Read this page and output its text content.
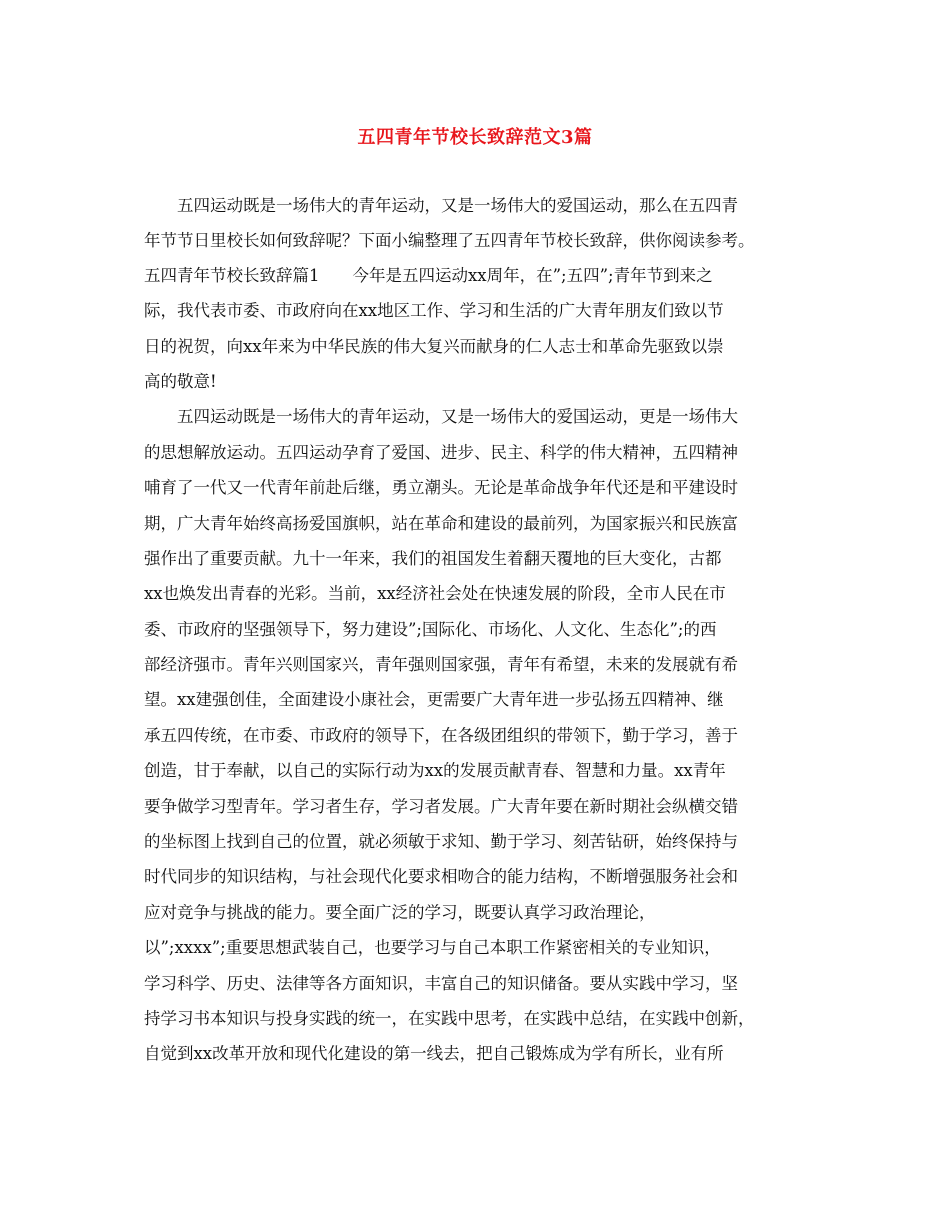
五四青年节校长致辞范文3篇

　　五四运动既是一场伟大的青年运动，又是一场伟大的爱国运动，那么在五四青

年节节日里校长如何致辞呢？下面小编整理了五四青年节校长致辞，供你阅读参考。

五四青年节校长致辞篇1　　今年是五四运动xx周年，在”;五四”;青年节到来之

际，我代表市委、市政府向在xx地区工作、学习和生活的广大青年朋友们致以节

日的祝贺，向xx年来为中华民族的伟大复兴而献身的仁人志士和革命先驱致以崇

高的敬意!

　　五四运动既是一场伟大的青年运动，又是一场伟大的爱国运动，更是一场伟大

的思想解放运动。五四运动孕育了爱国、进步、民主、科学的伟大精神，五四精神

哺育了一代又一代青年前赴后继，勇立潮头。无论是革命战争年代还是和平建设时

期，广大青年始终高扬爱国旗帜，站在革命和建设的最前列，为国家振兴和民族富

强作出了重要贡献。九十一年来，我们的祖国发生着翻天覆地的巨大变化，古都

xx也焕发出青春的光彩。当前，xx经济社会处在快速发展的阶段，全市人民在市

委、市政府的坚强领导下，努力建设”;国际化、市场化、人文化、生态化”;的西

部经济强市。青年兴则国家兴，青年强则国家强，青年有希望，未来的发展就有希

望。xx建强创佳，全面建设小康社会，更需要广大青年进一步弘扬五四精神、继

承五四传统，在市委、市政府的领导下，在各级团组织的带领下，勤于学习，善于

创造，甘于奉献，以自己的实际行动为xx的发展贡献青春、智慧和力量。xx青年

要争做学习型青年。学习者生存，学习者发展。广大青年要在新时期社会纵横交错

的坐标图上找到自己的位置，就必须敏于求知、勤于学习、刻苦钻研，始终保持与

时代同步的知识结构，与社会现代化要求相吻合的能力结构，不断增强服务社会和

应对竞争与挑战的能力。要全面广泛的学习，既要认真学习政治理论，

以”;xxxx”;重要思想武装自己，也要学习与自己本职工作紧密相关的专业知识，

学习科学、历史、法律等各方面知识，丰富自己的知识储备。要从实践中学习，坚

持学习书本知识与投身实践的统一，在实践中思考，在实践中总结，在实践中创新，

自觉到xx改革开放和现代化建设的第一线去，把自己锻炼成为学有所长，业有所
